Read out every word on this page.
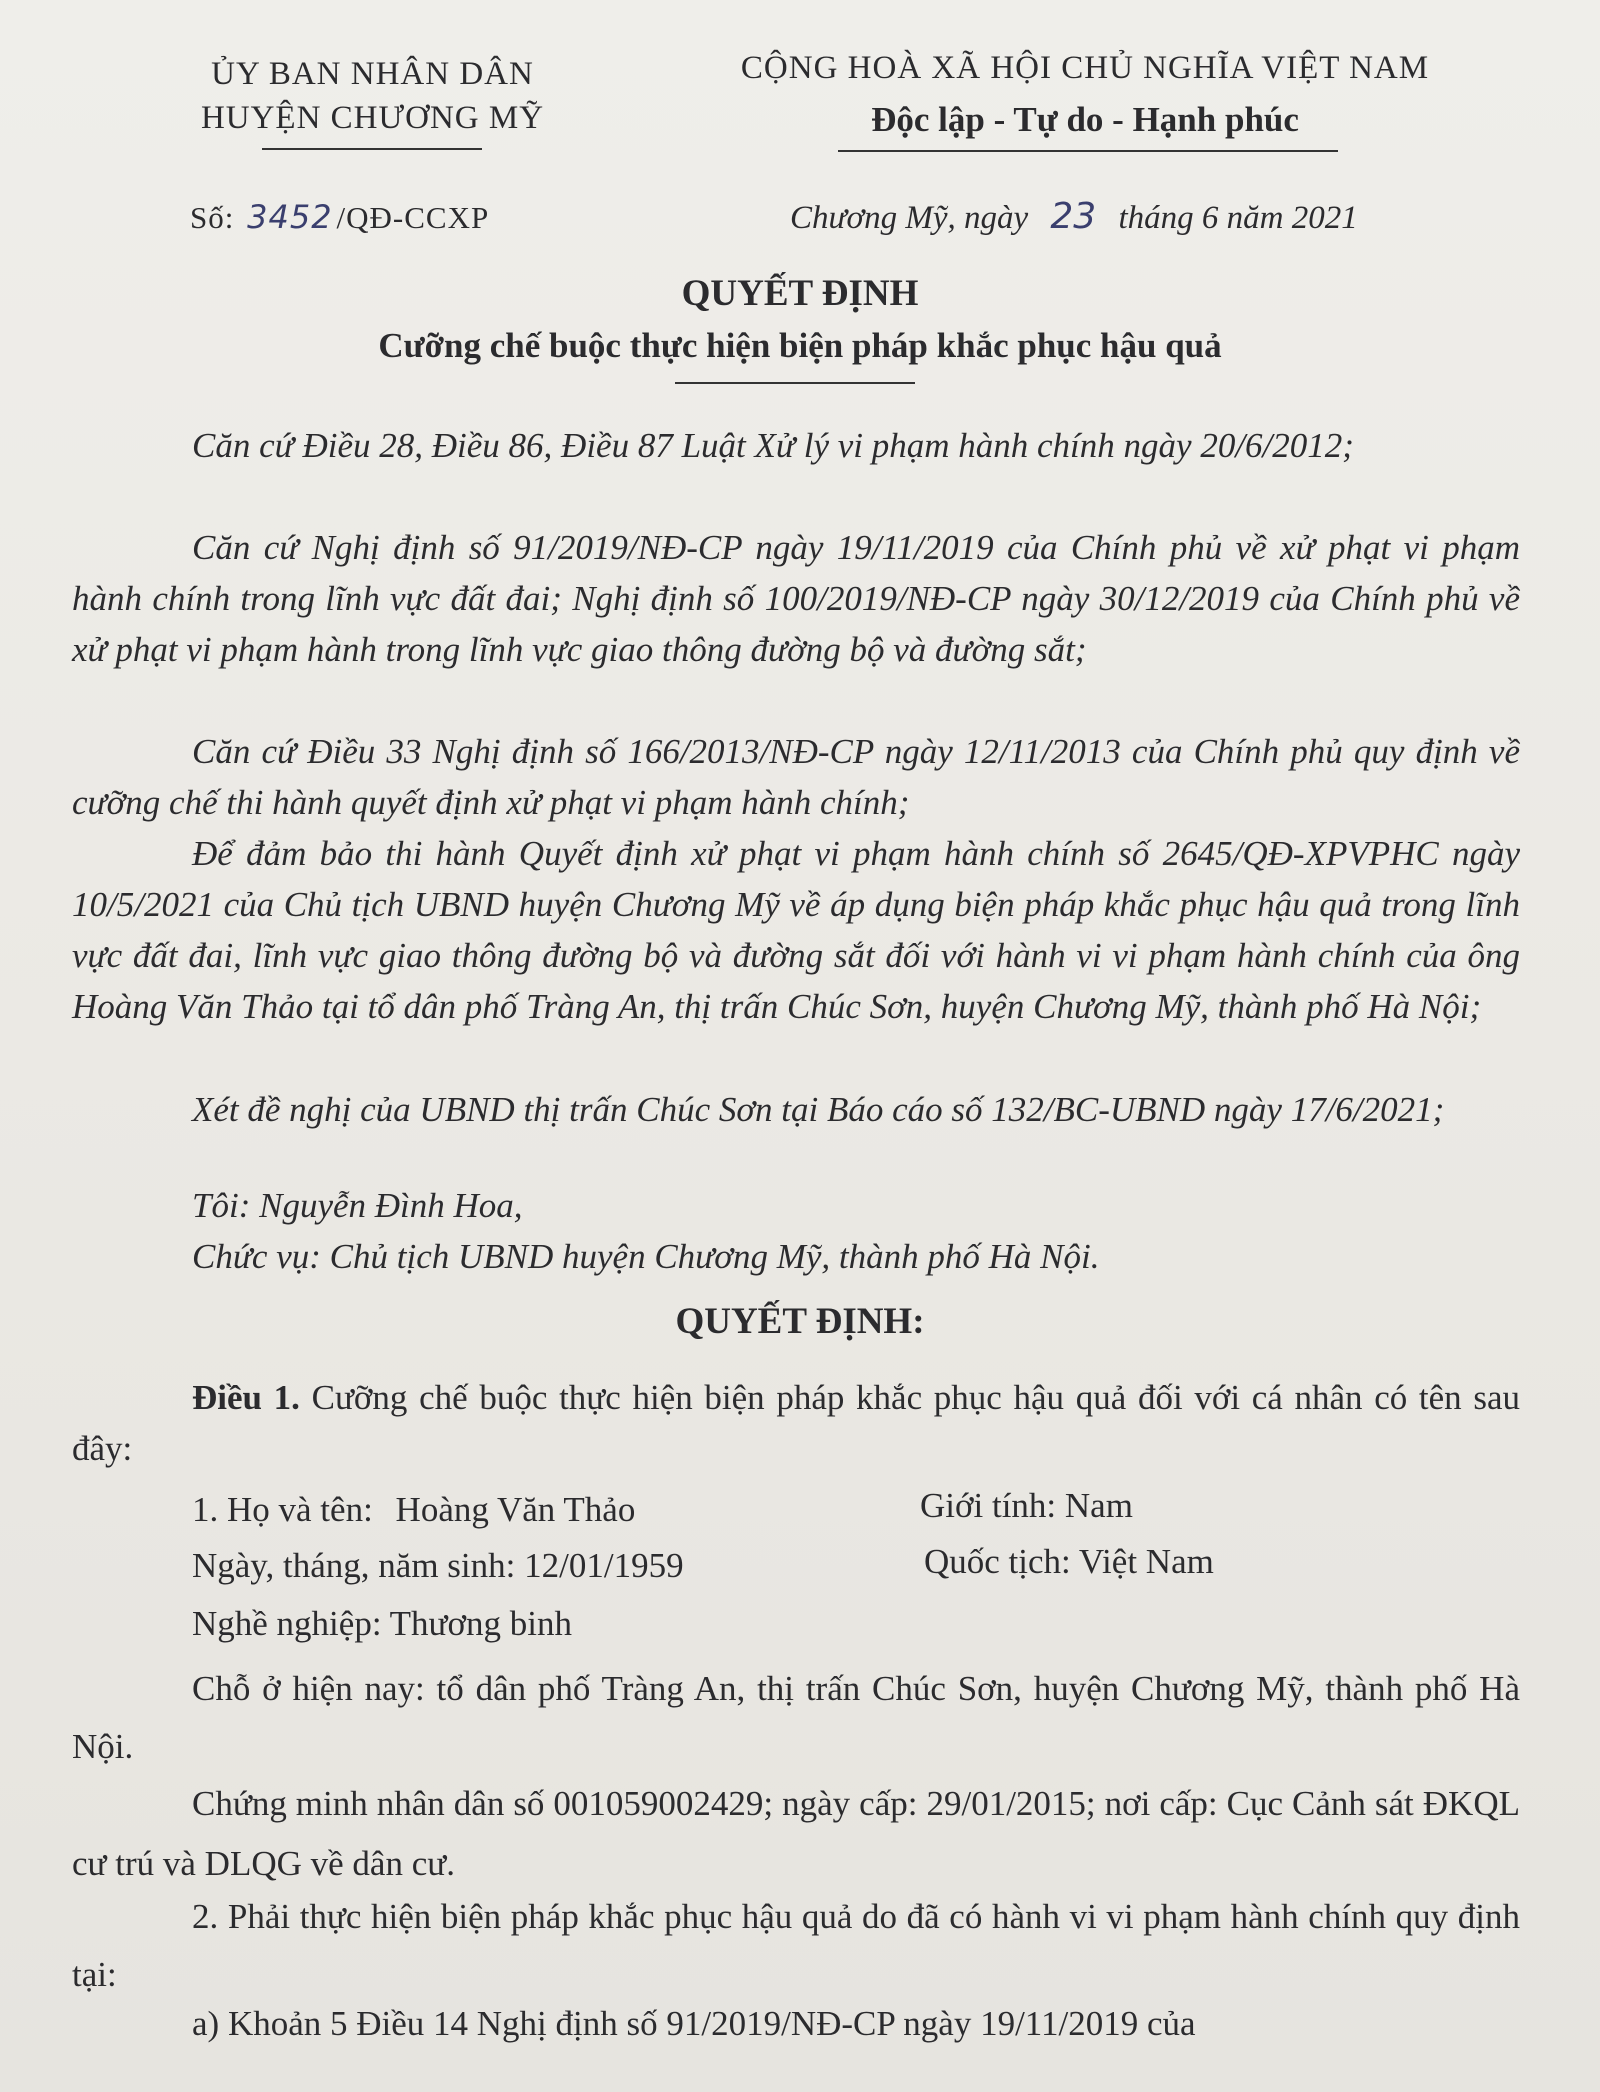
ỦY BAN NHÂN DÂN
HUYỆN CHƯƠNG MỸ
CỘNG HOÀ XÃ HỘI CHỦ NGHĨA VIỆT NAM
Độc lập - Tự do - Hạnh phúc
Số: 3452 /QĐ-CCXP	Chương Mỹ, ngày 23 tháng 6 năm 2021
QUYẾT ĐỊNH
Cưỡng chế buộc thực hiện biện pháp khắc phục hậu quả
Căn cứ Điều 28, Điều 86, Điều 87 Luật Xử lý vi phạm hành chính ngày 20/6/2012;
Căn cứ Nghị định số 91/2019/NĐ-CP ngày 19/11/2019 của Chính phủ về xử phạt vi phạm hành chính trong lĩnh vực đất đai; Nghị định số 100/2019/NĐ-CP ngày 30/12/2019 của Chính phủ về xử phạt vi phạm hành trong lĩnh vực giao thông đường bộ và đường sắt;
Căn cứ Điều 33 Nghị định số 166/2013/NĐ-CP ngày 12/11/2013 của Chính phủ quy định về cưỡng chế thi hành quyết định xử phạt vi phạm hành chính;
Để đảm bảo thi hành Quyết định xử phạt vi phạm hành chính số 2645/QĐ-XPVPHC ngày 10/5/2021 của Chủ tịch UBND huyện Chương Mỹ về áp dụng biện pháp khắc phục hậu quả trong lĩnh vực đất đai, lĩnh vực giao thông đường bộ và đường sắt đối với hành vi vi phạm hành chính của ông Hoàng Văn Thảo tại tổ dân phố Tràng An, thị trấn Chúc Sơn, huyện Chương Mỹ, thành phố Hà Nội;
Xét đề nghị của UBND thị trấn Chúc Sơn tại Báo cáo số 132/BC-UBND ngày 17/6/2021;
Tôi: Nguyễn Đình Hoa,
Chức vụ: Chủ tịch UBND huyện Chương Mỹ, thành phố Hà Nội.
QUYẾT ĐỊNH:
Điều 1. Cưỡng chế buộc thực hiện biện pháp khắc phục hậu quả đối với cá nhân có tên sau đây:
1. Họ và tên: Hoàng Văn Thảo	Giới tính: Nam
Ngày, tháng, năm sinh: 12/01/1959	Quốc tịch: Việt Nam
Nghề nghiệp: Thương binh
Chỗ ở hiện nay: tổ dân phố Tràng An, thị trấn Chúc Sơn, huyện Chương Mỹ, thành phố Hà Nội.
Chứng minh nhân dân số 001059002429; ngày cấp: 29/01/2015; nơi cấp: Cục Cảnh sát ĐKQL cư trú và DLQG về dân cư.
2. Phải thực hiện biện pháp khắc phục hậu quả do đã có hành vi vi phạm hành chính quy định tại:
a) Khoản 5 Điều 14 Nghị định số 91/2019/NĐ-CP ngày 19/11/2019 của
